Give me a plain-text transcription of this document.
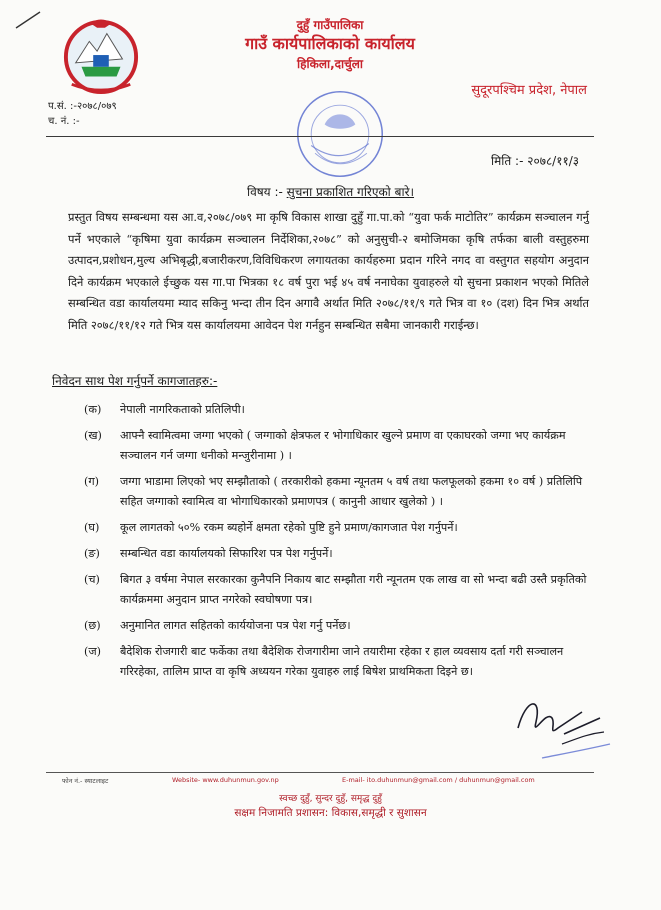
दुहुँ गाउँपालिका
गाउँ कार्यपालिकाको कार्यालय
हिकिला,दार्चुला
सुदूरपश्चिम प्रदेश, नेपाल
प.सं. :-२०७८/०७९
च. नं. :-
मिति :- २०७८/११/३
विषय :- सुचना प्रकाशित गरिएको बारे।
प्रस्तुत विषय सम्बन्धमा यस आ.व,२०७८/०७९ मा कृषि विकास शाखा दुहुँ गा.पा.को “युवा फर्क माटोतिर” कार्यक्रम सञ्चालन गर्नु पर्ने भएकाले “कृषिमा युवा कार्यक्रम सञ्चालन निर्देशिका,२०७८” को अनुसुची-२ बमोजिमका कृषि तर्फका बाली वस्तुहरुमा उत्पादन,प्रशोधन,मुल्य अभिबृद्धी,बजारीकरण,विविधिकरण लगायतका कार्यहरुमा प्रदान गरिने नगद वा वस्तुगत सहयोग अनुदान दिने कार्यक्रम भएकाले ईच्छुक यस गा.पा भित्रका १८ वर्ष पुरा भई ४५ वर्ष ननाघेका युवाहरुले यो सुचना प्रकाशन भएको मितिले सम्बन्धित वडा कार्यालयमा म्याद सकिनु भन्दा तीन दिन अगावै अर्थात मिति २०७८/११/९ गते भित्र वा १० (दश) दिन भित्र अर्थात मिति २०७८/११/१२ गते भित्र यस कार्यालयमा आवेदन पेश गर्नहुन सम्बन्धित सबैमा जानकारी गराईन्छ।
निवेदन साथ पेश गर्नुपर्ने कागजातहरु:-
(क)	नेपाली नागरिकताको प्रतिलिपी।
(ख)	आफ्नै स्वामित्वमा जग्गा भएको ( जग्गाको क्षेत्रफल र भोगाधिकार खुल्ने प्रमाण वा एकाघरको जग्गा भए कार्यक्रम सञ्चालन गर्न जग्गा धनीको मन्जुरीनामा ) ।
(ग)	जग्गा भाडामा लिएको भए सम्झौताको ( तरकारीको हकमा न्यूनतम ५ वर्ष तथा फलफूलको हकमा १० वर्ष ) प्रतिलिपि सहित जग्गाको स्वामित्व वा भोगाधिकारको प्रमाणपत्र ( कानुनी आधार खुलेको ) ।
(घ)	कूल लागतको ५०% रकम ब्यहोर्ने क्षमता रहेको पुष्टि हुने प्रमाण/कागजात पेश गर्नुपर्ने।
(ङ)	सम्बन्धित वडा कार्यालयको सिफारिश पत्र पेश गर्नुपर्ने।
(च)	बिगत ३ वर्षमा नेपाल सरकारका कुनैपनि निकाय बाट सम्झौता गरी न्यूनतम एक लाख वा सो भन्दा बढी उस्तै प्रकृतिको कार्यक्रममा अनुदान प्राप्त नगरेको स्वघोषणा पत्र।
(छ)	अनुमानित लागत सहितको कार्ययोजना पत्र पेश गर्नु पर्नेछ।
(ज)	बैदेशिक रोजगारी बाट फर्केका तथा बैदेशिक रोजगारीमा जाने तयारीमा रहेका र हाल व्यवसाय दर्ता गरी सञ्चालन गरिरहेका, तालिम प्राप्त वा कृषि अध्ययन गरेका युवाहरु लाई बिषेश प्राथमिकता दिइने छ।
फोन नं.- स्याटलाइट	Website- www.duhunmun.gov.np	E-mail- ito.duhunmun@gmail.com / duhunmun@gmail.com
स्वच्छ दुहुँ, सुन्दर दुहुँ, समृद्ध दुहुँ
सक्षम निजामति प्रशासन: विकास,समृद्धी र सुशासन
